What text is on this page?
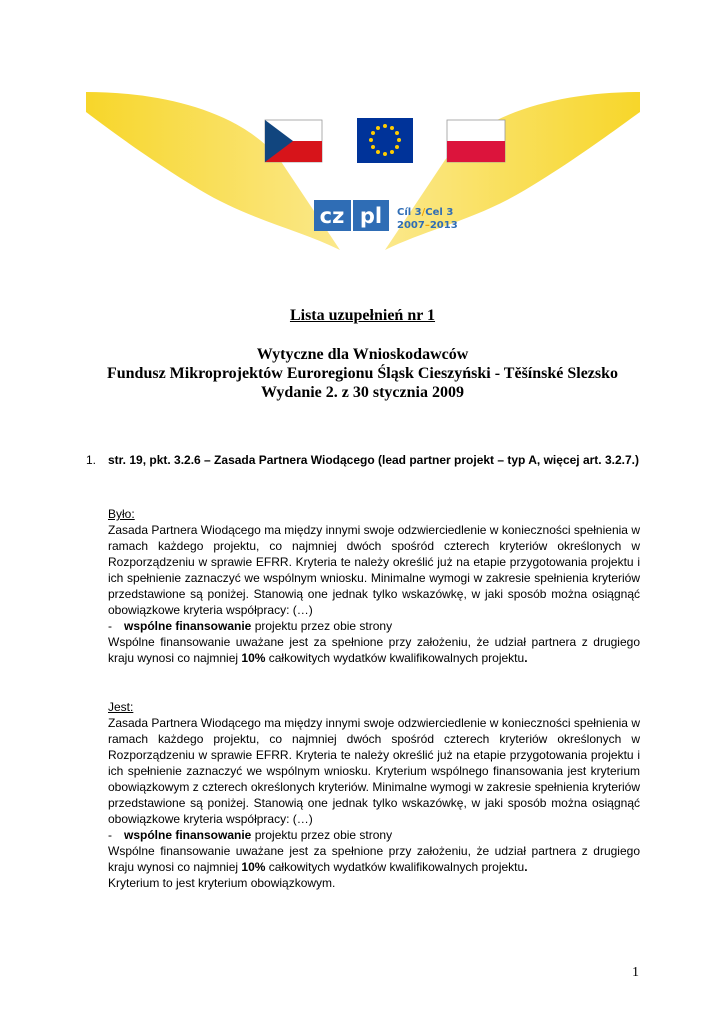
cz pl Cíl 3/Cel 3
2007–2013
Lista uzupełnień nr 1
Wytyczne dla Wnioskodawców
Fundusz Mikroprojektów Euroregionu Śląsk Cieszyński - Těšínské Slezsko
Wydanie 2. z 30 stycznia 2009
1. str. 19, pkt. 3.2.6 – Zasada Partnera Wiodącego (lead partner projekt – typ A, więcej art. 3.2.7.)
Było:

Zasada Partnera Wiodącego ma między innymi swoje odzwierciedlenie w konieczności spełnienia w ramach każdego projektu, co najmniej dwóch spośród czterech kryteriów określonych w Rozporządzeniu w sprawie EFRR. Kryteria te należy określić już na etapie przygotowania projektu i ich spełnienie zaznaczyć we wspólnym wniosku. Minimalne wymogi w zakresie spełnienia kryteriów przedstawione są poniżej. Stanowią one jednak tylko wskazówkę, w jaki sposób można osiągnąć obowiązkowe kryteria współpracy: (…)

- wspólne finansowanie projektu przez obie strony

Wspólne finansowanie uważane jest za spełnione przy założeniu, że udział partnera z drugiego kraju wynosi co najmniej 10% całkowitych wydatków kwalifikowalnych projektu.

Jest:

Zasada Partnera Wiodącego ma między innymi swoje odzwierciedlenie w konieczności spełnienia w ramach każdego projektu, co najmniej dwóch spośród czterech kryteriów określonych w Rozporządzeniu w sprawie EFRR. Kryteria te należy określić już na etapie przygotowania projektu i ich spełnienie zaznaczyć we wspólnym wniosku. Kryterium wspólnego finansowania jest kryterium obowiązkowym z czterech określonych kryteriów. Minimalne wymogi w zakresie spełnienia kryteriów przedstawione są poniżej. Stanowią one jednak tylko wskazówkę, w jaki sposób można osiągnąć obowiązkowe kryteria współpracy: (…)

- wspólne finansowanie projektu przez obie strony

Wspólne finansowanie uważane jest za spełnione przy założeniu, że udział partnera z drugiego kraju wynosi co najmniej 10% całkowitych wydatków kwalifikowalnych projektu.

Kryterium to jest kryterium obowiązkowym.
1
